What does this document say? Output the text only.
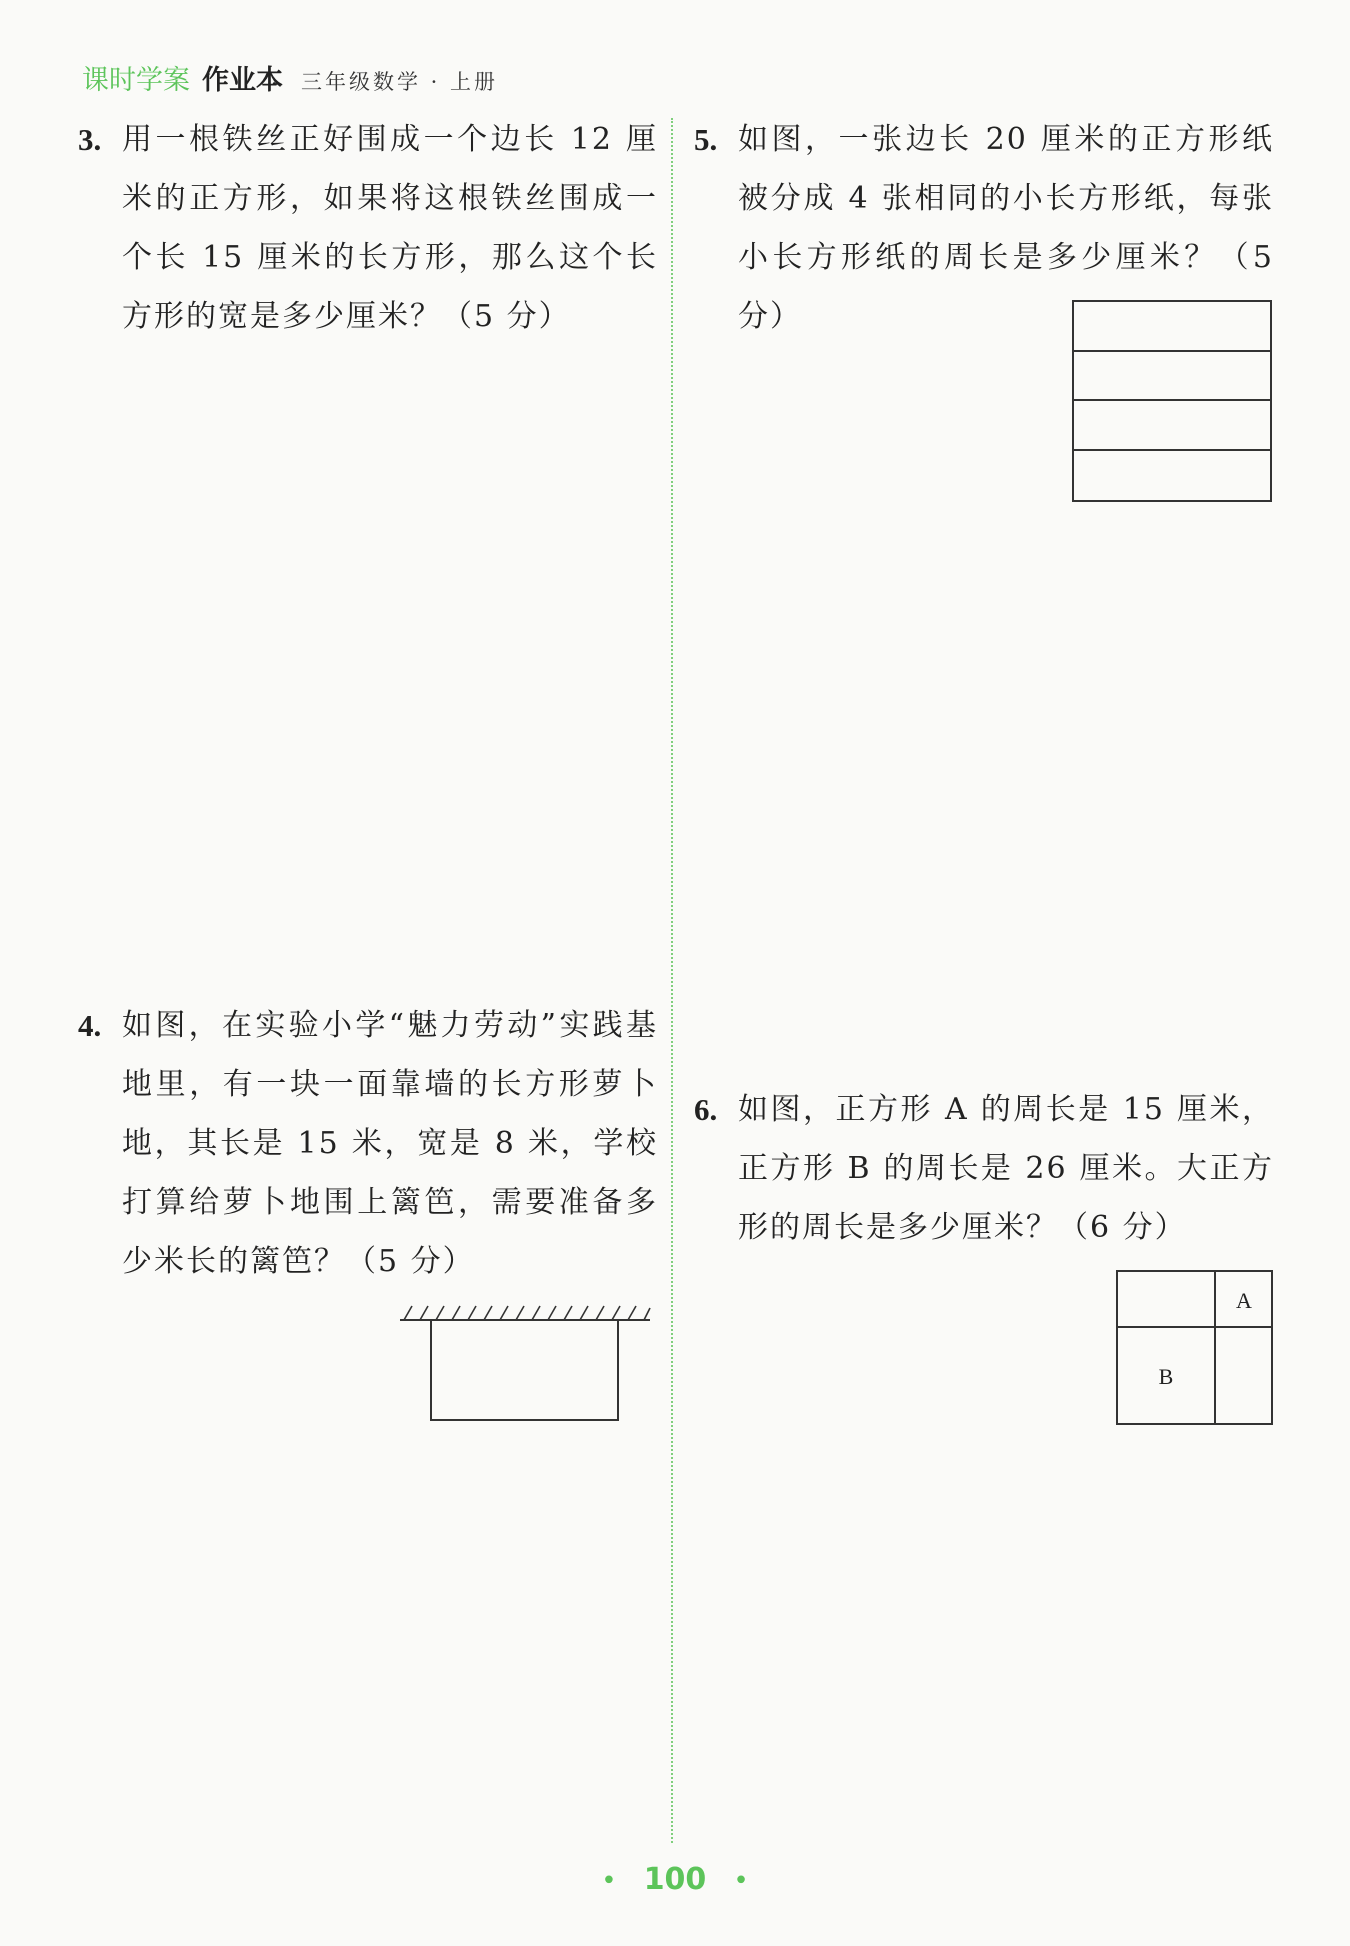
课时学案 作业本 三年级数学 · 上册
3. 用一根铁丝正好围成一个边长 12 厘米的正方形，如果将这根铁丝围成一个长 15 厘米的长方形，那么这个长方形的宽是多少厘米？（5 分）
4. 如图，在实验小学“魅力劳动”实践基地里，有一块一面靠墙的长方形萝卜地，其长是 15 米，宽是 8 米，学校打算给萝卜地围上篱笆，需要准备多少米长的篱笆？（5 分）
5. 如图，一张边长 20 厘米的正方形纸被分成 4 张相同的小长方形纸，每张小长方形纸的周长是多少厘米？（5 分）
6. 如图，正方形 A 的周长是 15 厘米，正方形 B 的周长是 26 厘米。大正方形的周长是多少厘米？（6 分）
A
B
• 100 •
